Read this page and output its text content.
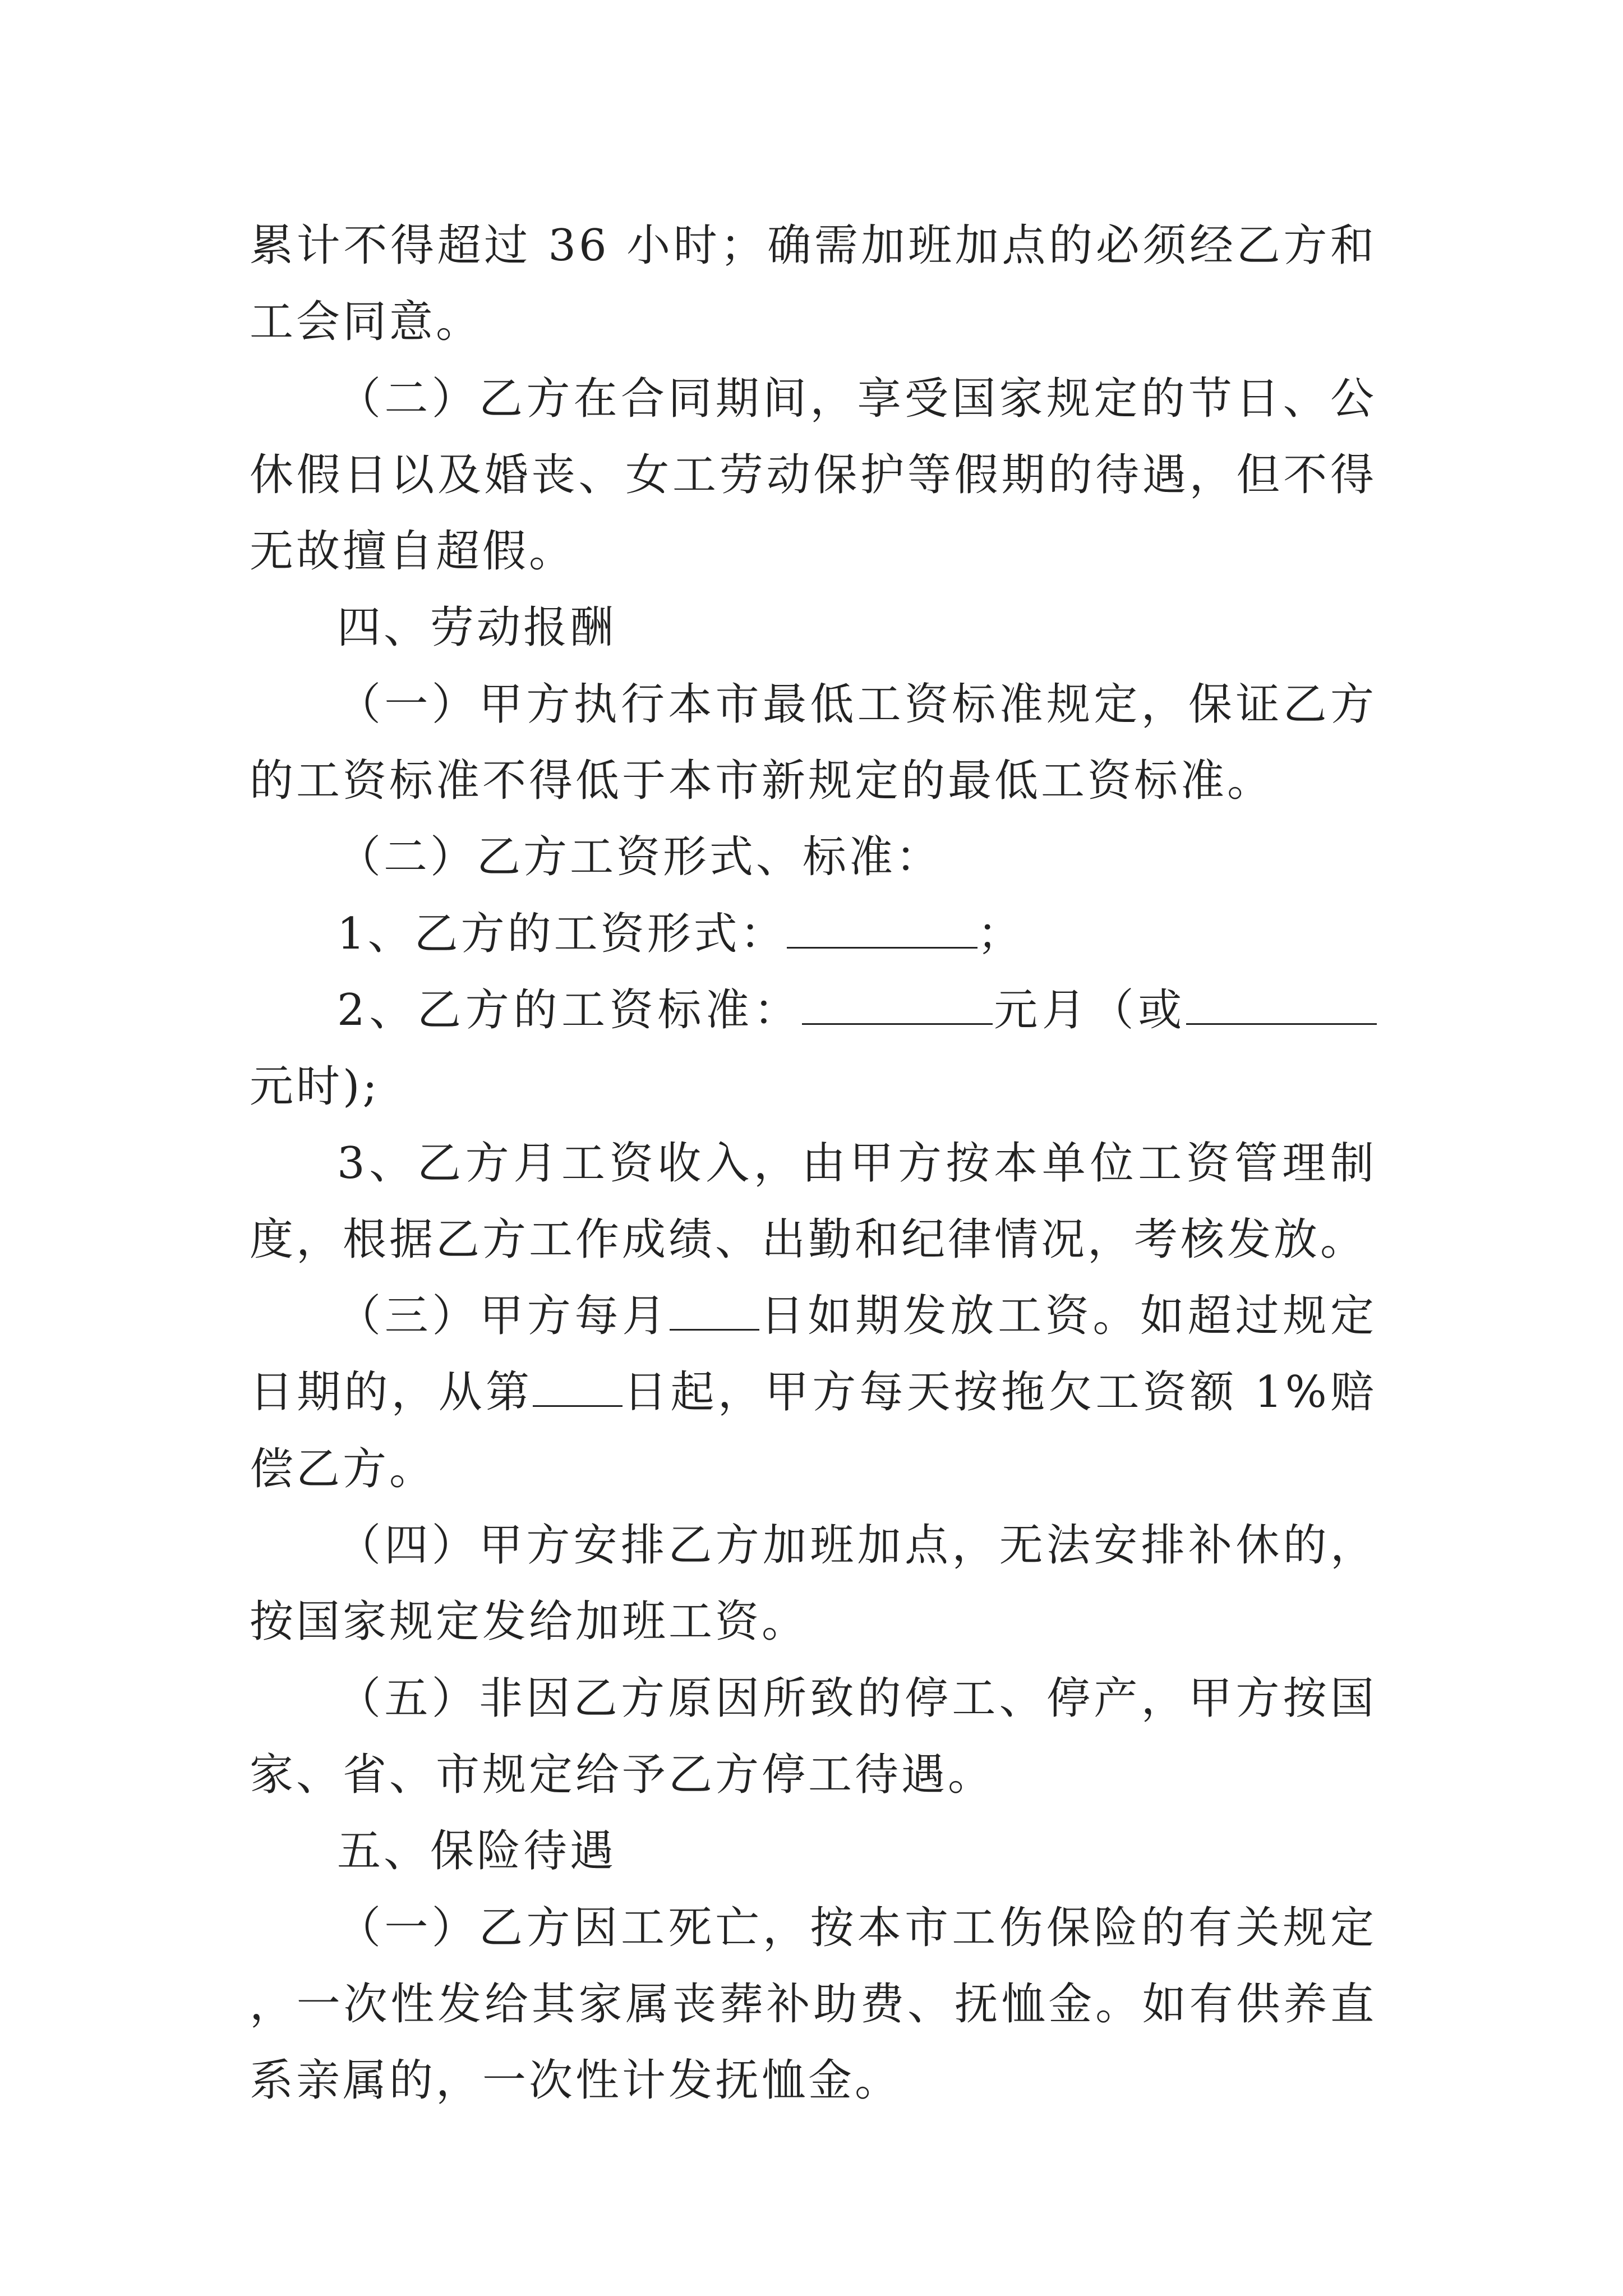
累计不得超过 36 小时；确需加班加点的必须经乙方和工会同意。

（二）乙方在合同期间，享受国家规定的节日、公休假日以及婚丧、女工劳动保护等假期的待遇，但不得无故擅自超假。

四、劳动报酬

（一）甲方执行本市最低工资标准规定，保证乙方的工资标准不得低于本市新规定的最低工资标准。

（二）乙方工资形式、标准：

1、乙方的工资形式：	；

2、乙方的工资标准：	元月（或元时);

3、乙方月工资收入，由甲方按本单位工资管理制度，根据乙方工作成绩、出勤和纪律情况，考核发放。

（三）甲方每月 日如期发放工资。如超过规定日期的，从第 日起，甲方每天按拖欠工资额 1%赔偿乙方。

（四）甲方安排乙方加班加点，无法安排补休的，按国家规定发给加班工资。

（五）非因乙方原因所致的停工、停产，甲方按国家、省、市规定给予乙方停工待遇。

五、保险待遇

（一）乙方因工死亡，按本市工伤保险的有关规定，一次性发给其家属丧葬补助费、抚恤金。如有供养直系亲属的，一次性计发抚恤金。
